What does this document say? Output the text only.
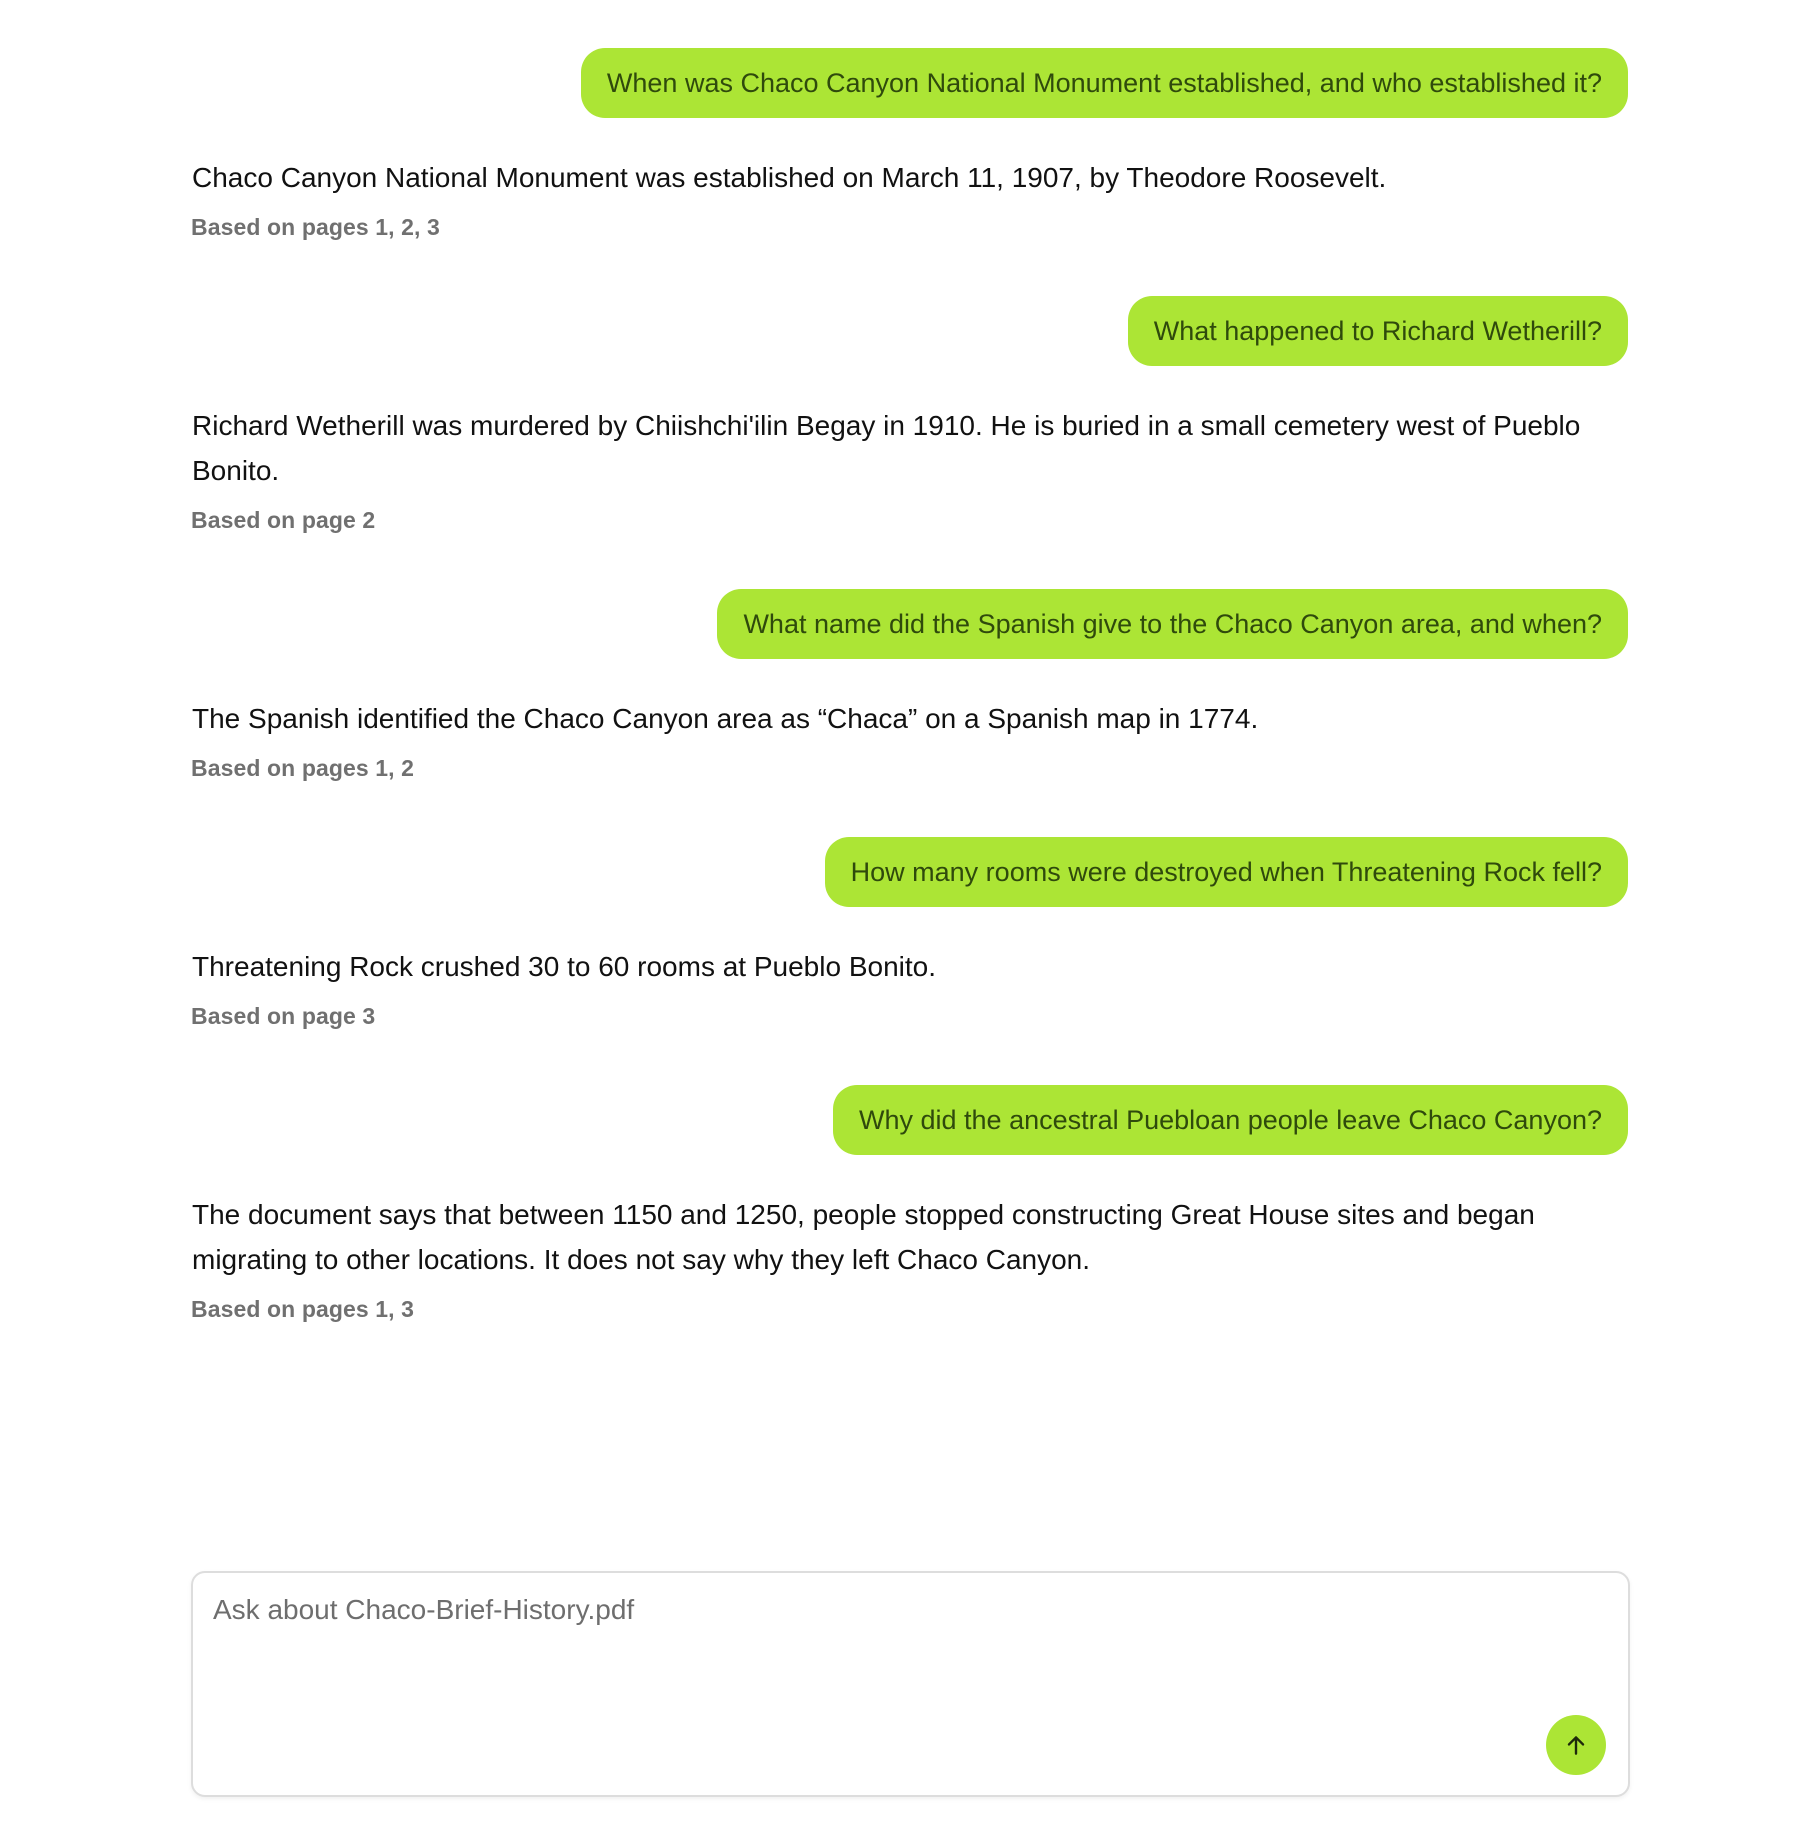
When was Chaco Canyon National Monument established, and who established it?
Chaco Canyon National Monument was established on March 11, 1907, by Theodore Roosevelt.
Based on pages 1, 2, 3
What happened to Richard Wetherill?
Richard Wetherill was murdered by Chiishchi'ilin Begay in 1910. He is buried in a small cemetery west of Pueblo Bonito.
Based on page 2
What name did the Spanish give to the Chaco Canyon area, and when?
The Spanish identified the Chaco Canyon area as “Chaca” on a Spanish map in 1774.
Based on pages 1, 2
How many rooms were destroyed when Threatening Rock fell?
Threatening Rock crushed 30 to 60 rooms at Pueblo Bonito.
Based on page 3
Why did the ancestral Puebloan people leave Chaco Canyon?
The document says that between 1150 and 1250, people stopped constructing Great House sites and began migrating to other locations. It does not say why they left Chaco Canyon.
Based on pages 1, 3
Ask about Chaco-Brief-History.pdf
